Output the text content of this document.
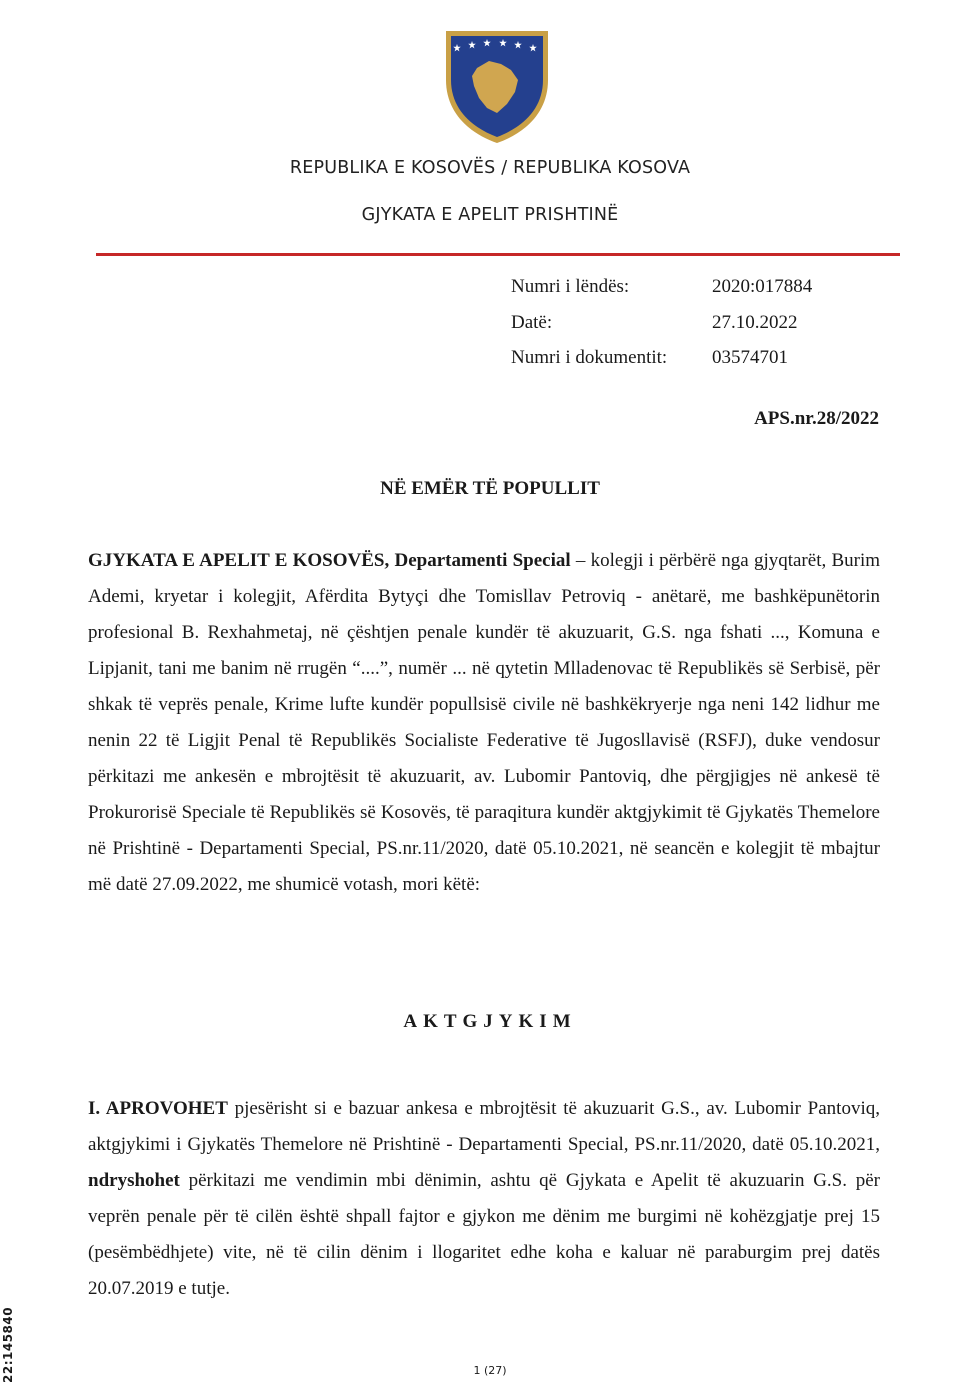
REPUBLIKA E KOSOVËS / REPUBLIKA KOSOVA
GJYKATA E APELIT PRISHTINË
Numri i lëndës:	2020:017884
Datë:	27.10.2022
Numri i dokumentit: 03574701
APS.nr.28/2022
NË EMËR TË POPULLIT

GJYKATA E APELIT E KOSOVËS, Departamenti Special – kolegji i përbërë nga gjyqtarët, Burim Ademi, kryetar i kolegjit, Afërdita Bytyçi dhe Tomisllav Petroviq - anëtarë, me bashkëpunëtorin profesional B. Rexhahmetaj, në çështjen penale kundër të akuzuarit, G.S. nga fshati ..., Komuna e Lipjanit, tani me banim në rrugën “....”, numër ... në qytetin Mlladenovac të Republikës së Serbisë, për shkak të veprës penale, Krime lufte kundër popullsisë civile në bashkëkryerje nga neni 142 lidhur me nenin 22 të Ligjit Penal të Republikës Socialiste Federative të Jugosllavisë (RSFJ), duke vendosur përkitazi me ankesën e mbrojtësit të akuzuarit, av. Lubomir Pantoviq, dhe përgjigjes në ankesë të Prokurorisë Speciale të Republikës së Kosovës, të paraqitura kundër aktgjykimit të Gjykatës Themelore në Prishtinë - Departamenti Special, PS.nr.11/2020, datë 05.10.2021, në seancën e kolegjit të mbajtur më datë 27.09.2022, me shumicë votash, mori këtë:

AKTGJYKIM

I. APROVOHET pjesërisht si e bazuar ankesa e mbrojtësit të akuzuarit G.S., av. Lubomir Pantoviq, aktgjykimi i Gjykatës Themelore në Prishtinë - Departamenti Special, PS.nr.11/2020, datë 05.10.2021, ndryshohet përkitazi me vendimin mbi dënimin, ashtu që Gjykata e Apelit të akuzuarin G.S. për veprën penale për të cilën është shpall fajtor e gjykon me dënim me burgimi në kohëzgjatje prej 15 (pesëmbëdhjete) vite, në të cilin dënim i llogaritet edhe koha e kaluar në paraburgim prej datës 20.07.2019 e tutje.

22:145840	1 (27)
